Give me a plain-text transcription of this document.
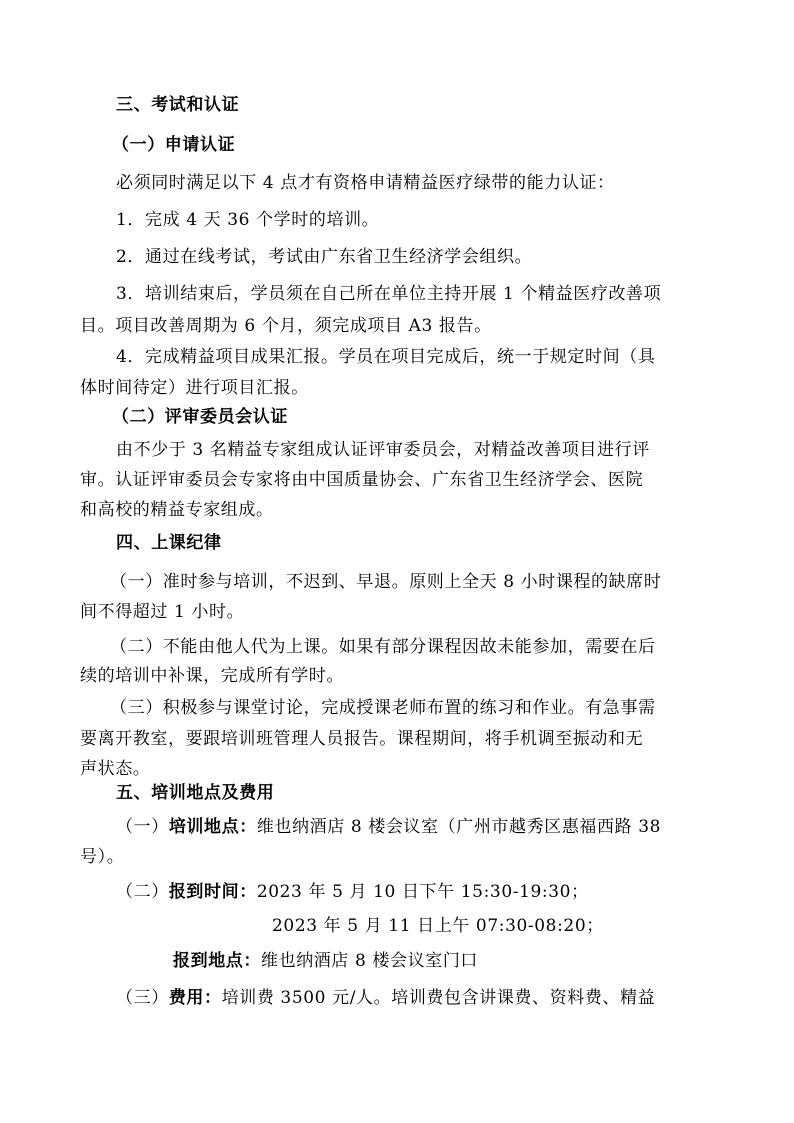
三、考试和认证
（一）申请认证
必须同时满足以下 4 点才有资格申请精益医疗绿带的能力认证：
1．完成 4 天 36 个学时的培训。
2．通过在线考试，考试由广东省卫生经济学会组织。
3．培训结束后，学员须在自己所在单位主持开展 1 个精益医疗改善项
目。项目改善周期为 6 个月，须完成项目 A3 报告。
4．完成精益项目成果汇报。学员在项目完成后，统一于规定时间（具
体时间待定）进行项目汇报。
（二）评审委员会认证
由不少于 3 名精益专家组成认证评审委员会，对精益改善项目进行评
审。认证评审委员会专家将由中国质量协会、广东省卫生经济学会、医院
和高校的精益专家组成。
四、上课纪律
（一）准时参与培训，不迟到、早退。原则上全天 8 小时课程的缺席时
间不得超过 1 小时。
（二）不能由他人代为上课。如果有部分课程因故未能参加，需要在后
续的培训中补课，完成所有学时。
（三）积极参与课堂讨论，完成授课老师布置的练习和作业。有急事需
要离开教室，要跟培训班管理人员报告。课程期间，将手机调至振动和无
声状态。
五、培训地点及费用
（一）培训地点：维也纳酒店 8 楼会议室（广州市越秀区惠福西路 38
号）。
（二）报到时间：2023 年 5 月 10 日下午 15:30-19:30；
2023 年 5 月 11 日上午 07:30-08:20；
报到地点：维也纳酒店 8 楼会议室门口
（三）费用：培训费 3500 元/人。培训费包含讲课费、资料费、精益
